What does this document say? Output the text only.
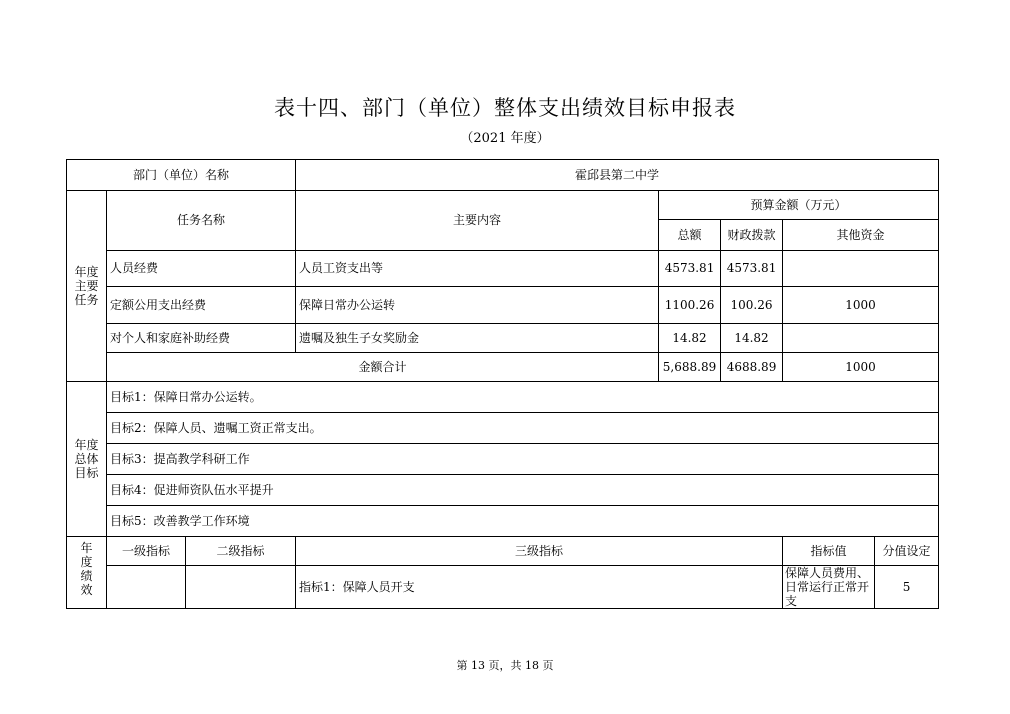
表十四、部门（单位）整体支出绩效目标申报表
（2021 年度）
部门（单位）名称			霍邱县第二中学				

年度
主要
任务	任务名称		主要内容	预算金额（万元）			
				总额	财政拨款	其他资金	
	人员经费		人员工资支出等	4573.81	4573.81		
	定额公用支出经费		保障日常办公运转	1100.26	100.26	1000	
	对个人和家庭补助经费		遗嘱及独生子女奖励金	14.82	14.82		
	金额合计			5,688.89	4688.89	1000	

年度
总体
目标	目标1：保障日常办公运转。						
	目标2：保障人员、遗嘱工资正常支出。						
	目标3：提高教学科研工作						
	目标4：促进师资队伍水平提升						
	目标5：改善教学工作环境						

年
度
绩
效	一级指标	二级指标	三级指标			指标值	分值设定
			指标1：保障人员开支			保障人员费用、日常运行正常开支	5
第 13 页，共 18 页
